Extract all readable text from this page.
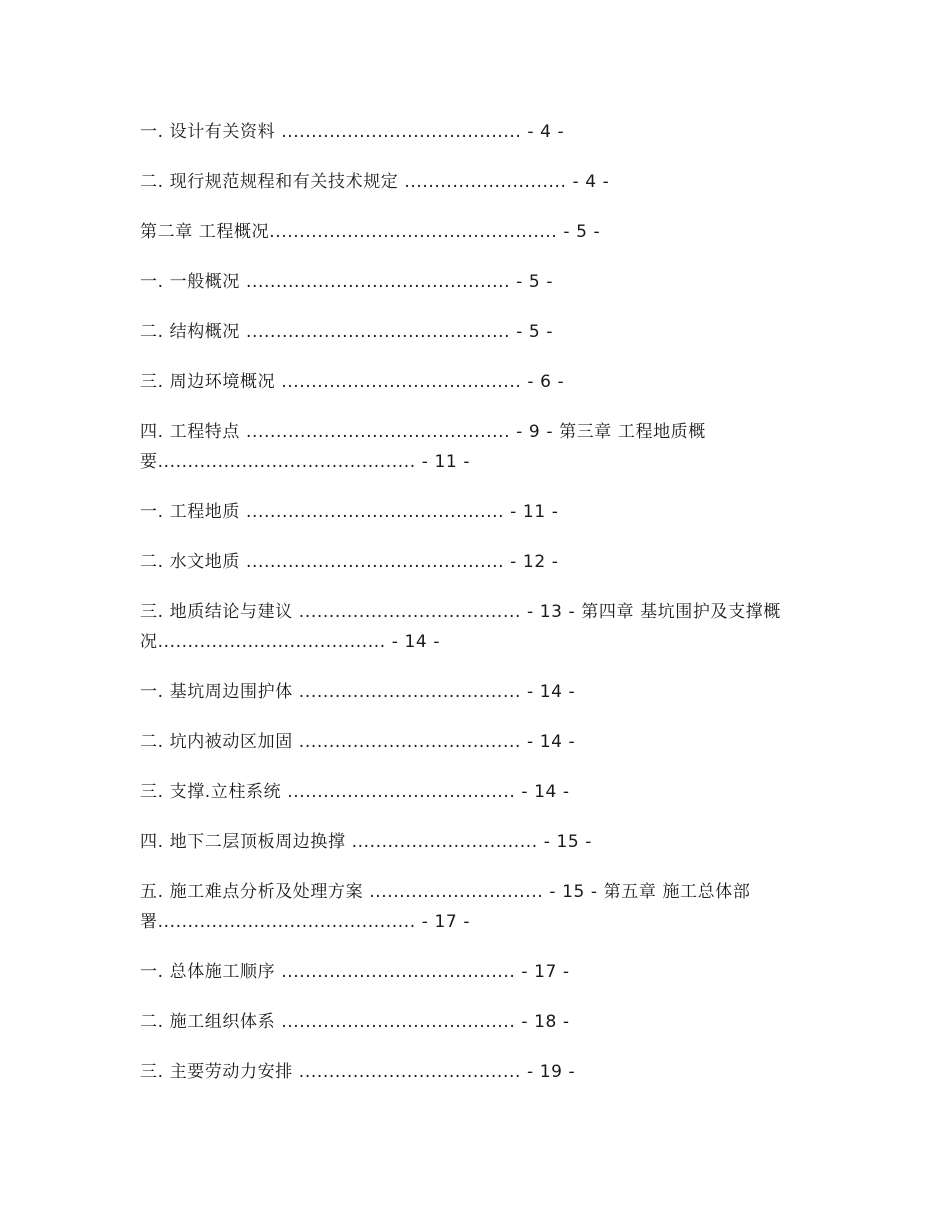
一. 设计有关资料 ........................................ - 4 -
二. 现行规范规程和有关技术规定 ........................... - 4 -
第二章 工程概况................................................ - 5 -
一. 一般概况 ............................................ - 5 -
二. 结构概况 ............................................ - 5 -
三. 周边环境概况 ........................................ - 6 -
四. 工程特点 ............................................ - 9 - 第三章 工程地质概要........................................... - 11 -
一. 工程地质 ........................................... - 11 -
二. 水文地质 ........................................... - 12 -
三. 地质结论与建议 ..................................... - 13 - 第四章 基坑围护及支撑概况...................................... - 14 -
一. 基坑周边围护体 ..................................... - 14 -
二. 坑内被动区加固 ..................................... - 14 -
三. 支撑.立柱系统 ...................................... - 14 -
四. 地下二层顶板周边换撑 ............................... - 15 -
五. 施工难点分析及处理方案 ............................. - 15 - 第五章 施工总体部署........................................... - 17 -
一. 总体施工顺序 ....................................... - 17 -
二. 施工组织体系 ....................................... - 18 -
三. 主要劳动力安排 ..................................... - 19 -
